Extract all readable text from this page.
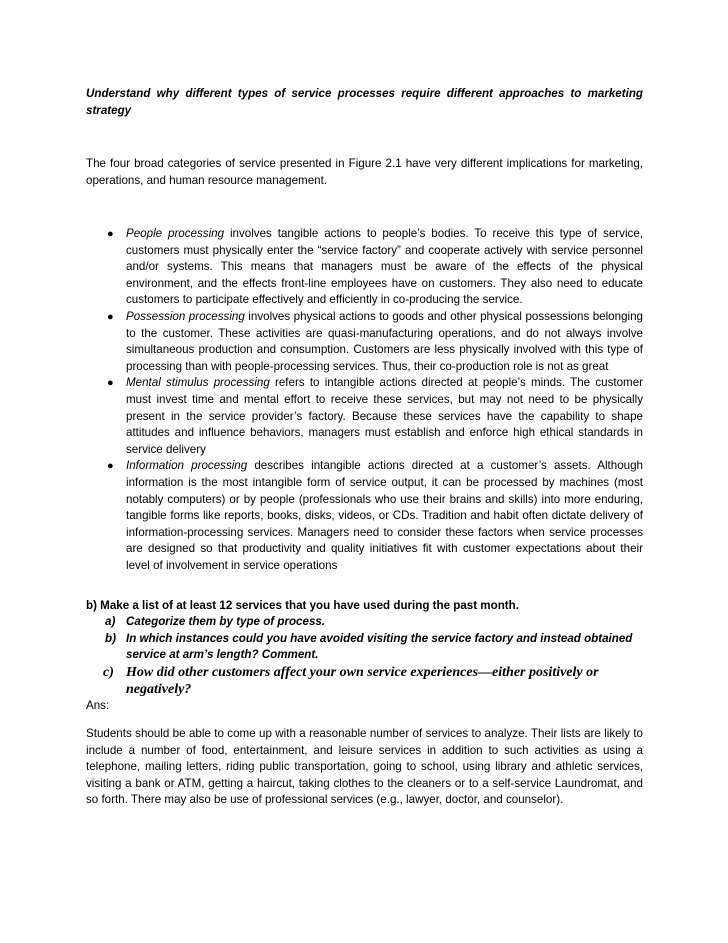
Understand why different types of service processes require different approaches to marketing strategy

The four broad categories of service presented in Figure 2.1 have very different implications for marketing, operations, and human resource management.

● People processing involves tangible actions to people’s bodies. To receive this type of service, customers must physically enter the “service factory” and cooperate actively with service personnel and/or systems. This means that managers must be aware of the effects of the physical environment, and the effects front-line employees have on customers. They also need to educate customers to participate effectively and efficiently in co-producing the service.
● Possession processing involves physical actions to goods and other physical possessions belonging to the customer. These activities are quasi-manufacturing operations, and do not always involve simultaneous production and consumption. Customers are less physically involved with this type of processing than with people-processing services. Thus, their co-production role is not as great
● Mental stimulus processing refers to intangible actions directed at people’s minds. The customer must invest time and mental effort to receive these services, but may not need to be physically present in the service provider’s factory. Because these services have the capability to shape attitudes and influence behaviors, managers must establish and enforce high ethical standards in service delivery
● Information processing describes intangible actions directed at a customer’s assets. Although information is the most intangible form of service output, it can be processed by machines (most notably computers) or by people (professionals who use their brains and skills) into more enduring, tangible forms like reports, books, disks, videos, or CDs. Tradition and habit often dictate delivery of information-processing services. Managers need to consider these factors when service processes are designed so that productivity and quality initiatives fit with customer expectations about their level of involvement in service operations
b) Make a list of at least 12 services that you have used during the past month.
a) Categorize them by type of process.
b) In which instances could you have avoided visiting the service factory and instead obtained service at arm’s length? Comment.
c) How did other customers affect your own service experiences—either positively or negatively?
Ans:

Students should be able to come up with a reasonable number of services to analyze. Their lists are likely to include a number of food, entertainment, and leisure services in addition to such activities as using a telephone, mailing letters, riding public transportation, going to school, using library and athletic services, visiting a bank or ATM, getting a haircut, taking clothes to the cleaners or to a self-service Laundromat, and so forth. There may also be use of professional services (e.g., lawyer, doctor, and counselor).
